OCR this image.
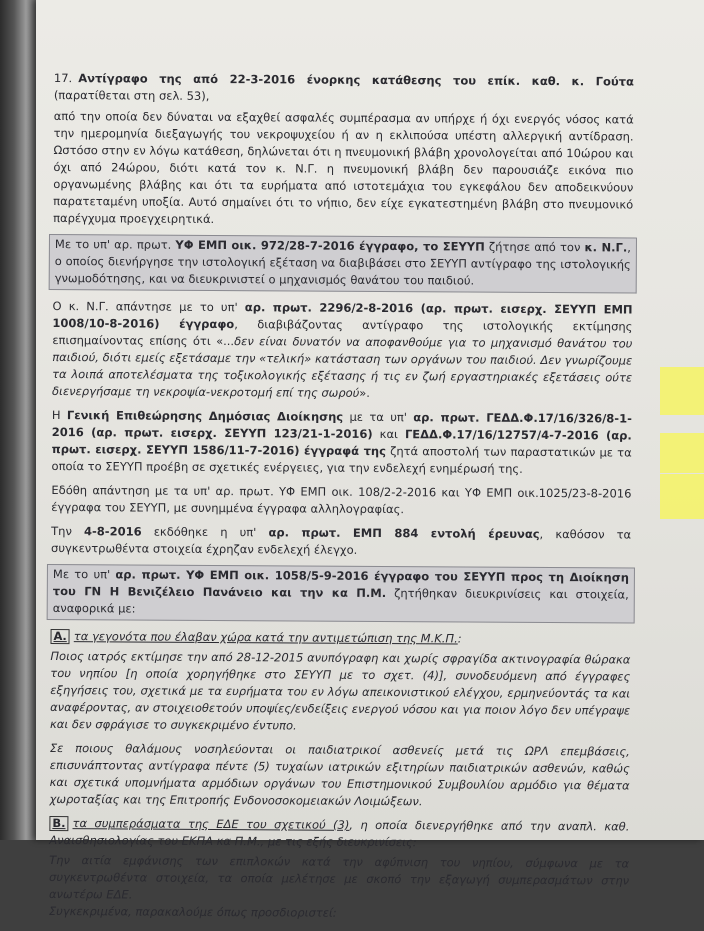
17. Αντίγραφο της από 22-3-2016 ένορκης κατάθεσης του επίκ. καθ. κ. Γούτα (παρατίθεται στη σελ. 53),

από την οποία δεν δύναται να εξαχθεί ασφαλές συμπέρασμα αν υπήρχε ή όχι ενεργός νόσος κατά την ημερομηνία διεξαγωγής του νεκροψυχείου ή αν η εκλιπούσα υπέστη αλλεργική αντίδραση. Ωστόσο στην εν λόγω κατάθεση, δηλώνεται ότι η πνευμονική βλάβη χρονολογείται από 10ώρου και όχι από 24ώρου, διότι κατά τον κ. Ν.Γ. η πνευμονική βλάβη δεν παρουσιάζε εικόνα πιο οργανωμένης βλάβης και ότι τα ευρήματα από ιστοτεμάχια του εγκεφάλου δεν αποδεικνύουν παρατεταμένη υποξία. Αυτό σημαίνει ότι το νήπιο, δεν είχε εγκατεστημένη βλάβη στο πνευμονικό παρέγχυμα προεγχειρητικά.

Με το υπ' αρ. πρωτ. ΥΦ ΕΜΠ οικ. 972/28-7-2016 έγγραφο, το ΣΕΥΥΠ ζήτησε από τον κ. Ν.Γ., ο οποίος διενήργησε την ιστολογική εξέταση να διαβιβάσει στο ΣΕΥΥΠ αντίγραφο της ιστολογικής γνωμοδότησης, και να διευκρινιστεί ο μηχανισμός θανάτου του παιδιού.

Ο κ. Ν.Γ. απάντησε με το υπ' αρ. πρωτ. 2296/2-8-2016 (αρ. πρωτ. εισερχ. ΣΕΥΥΠ ΕΜΠ 1008/10-8-2016) έγγραφο, διαβιβάζοντας αντίγραφο της ιστολογικής εκτίμησης επισημαίνοντας επίσης ότι «...δεν είναι δυνατόν να αποφανθούμε για το μηχανισμό θανάτου του παιδιού, διότι εμείς εξετάσαμε την «τελική» κατάσταση των οργάνων του παιδιού. Δεν γνωρίζουμε τα λοιπά αποτελέσματα της τοξικολογικής εξέτασης ή τις εν ζωή εργαστηριακές εξετάσεις ούτε διενεργήσαμε τη νεκροψία-νεκροτομή επί της σωρού».

Η Γενική Επιθεώρησης Δημόσιας Διοίκησης με τα υπ' αρ. πρωτ. ΓΕΔΔ.Φ.17/16/326/8-1-2016 (αρ. πρωτ. εισερχ. ΣΕΥΥΠ 123/21-1-2016) και ΓΕΔΔ.Φ.17/16/12757/4-7-2016 (αρ. πρωτ. εισερχ. ΣΕΥΥΠ 1586/11-7-2016) έγγραφά της ζητά αποστολή των παραστατικών με τα οποία το ΣΕΥΥΠ προέβη σε σχετικές ενέργειες, για την ενδελεχή ενημέρωσή της.

Εδόθη απάντηση με τα υπ' αρ. πρωτ. ΥΦ ΕΜΠ οικ. 108/2-2-2016 και ΥΦ ΕΜΠ οικ.1025/23-8-2016 έγγραφα του ΣΕΥΥΠ, με συνημμένα έγγραφα αλληλογραφίας.

Την 4-8-2016 εκδόθηκε η υπ' αρ. πρωτ. ΕΜΠ 884 εντολή έρευνας, καθόσον τα συγκεντρωθέντα στοιχεία έχρηζαν ενδελεχή έλεγχο.

Με το υπ' αρ. πρωτ. ΥΦ ΕΜΠ οικ. 1058/5-9-2016 έγγραφο του ΣΕΥΥΠ προς τη Διοίκηση του ΓΝ Η Βενιζέλειο Πανάνειο και την κα Π.Μ. ζητήθηκαν διευκρινίσεις και στοιχεία, αναφορικά με:

Α. τα γεγονότα που έλαβαν χώρα κατά την αντιμετώπιση της Μ.Κ.Π.:

Ποιος ιατρός εκτίμησε την από 28-12-2015 ανυπόγραφη και χωρίς σφραγίδα ακτινογραφία θώρακα του νηπίου [η οποία χορηγήθηκε στο ΣΕΥΥΠ με το σχετ. (4)], συνοδευόμενη από έγγραφες εξηγήσεις του, σχετικά με τα ευρήματα του εν λόγω απεικονιστικού ελέγχου, ερμηνεύοντάς τα και αναφέροντας, αν στοιχειοθετούν υποψίες/ενδείξεις ενεργού νόσου και για ποιον λόγο δεν υπέγραψε και δεν σφράγισε το συγκεκριμένο έντυπο.

Σε ποιους θαλάμους νοσηλεύονται οι παιδιατρικοί ασθενείς μετά τις ΩΡΛ επεμβάσεις, επισυνάπτοντας αντίγραφα πέντε (5) τυχαίων ιατρικών εξιτηρίων παιδιατρικών ασθενών, καθώς και σχετικά υπομνήματα αρμόδιων οργάνων του Επιστημονικού Συμβουλίου αρμόδιο για θέματα χωροταξίας και της Επιτροπής Ενδονοσοκομειακών Λοιμώξεων.

Β. τα συμπεράσματα της ΕΔΕ του σχετικού (3), η οποία διενεργήθηκε από την αναπλ. καθ. Αναισθησιολογίας του ΕΚΠΑ κα Π.Μ., με τις εξής διευκρινίσεις:

Την αιτία εμφάνισης των επιπλοκών κατά την αφύπνιση του νηπίου, σύμφωνα με τα συγκεντρωθέντα στοιχεία, τα οποία μελέτησε με σκοπό την εξαγωγή συμπερασμάτων στην ανωτέρω ΕΔΕ.

Συγκεκριμένα, παρακαλούμε όπως προσδιοριστεί:
